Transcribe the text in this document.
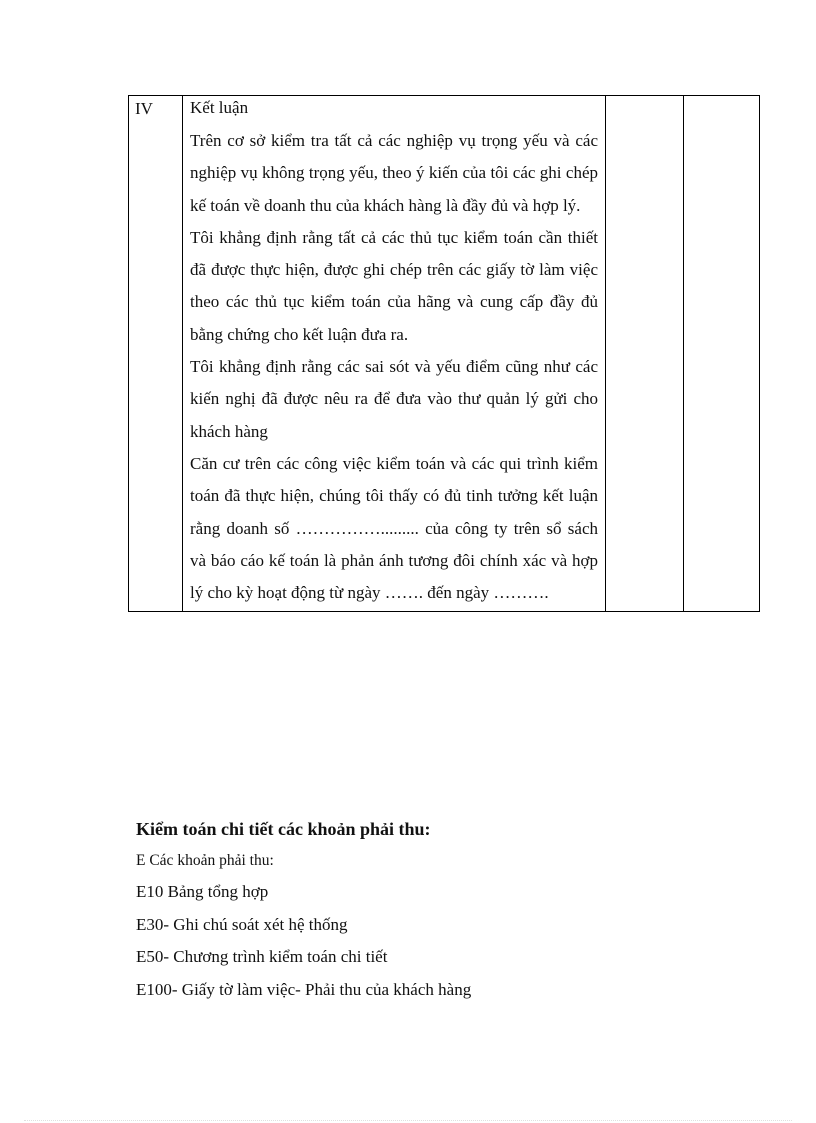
IV	Kết luận

Trên cơ sở kiểm tra tất cả các nghiệp vụ trọng yếu và các nghiệp vụ không trọng yếu, theo ý kiến của tôi các ghi chép kế toán về doanh thu của khách hàng là đầy đủ và hợp lý.

Tôi khẳng định rằng tất cả các thủ tục kiểm toán cần thiết đã được thực hiện, được ghi chép trên các giấy tờ làm việc theo các thủ tục kiểm toán của hãng và cung cấp đầy đủ bằng chứng cho kết luận đưa ra.

Tôi khẳng định rằng các sai sót và yếu điểm cũng như các kiến nghị đã được nêu ra để đưa vào thư quản lý gửi cho khách hàng

Căn cư trên các công việc kiểm toán và các qui trình kiểm toán đã thực hiện, chúng tôi thấy có đủ tinh tưởng kết luận rằng doanh số ……………......... của công ty trên sổ sách và báo cáo kế toán là phản ánh tương đôi chính xác và hợp lý cho kỳ hoạt động từ ngày ……. đến ngày ……….

Kiểm toán chi tiết các khoản phải thu:

E Các khoản phải thu:

E10 Bảng tổng hợp

E30- Ghi chú soát xét hệ thống

E50- Chương trình kiểm toán chi tiết

E100- Giấy tờ làm việc- Phải thu của khách hàng
